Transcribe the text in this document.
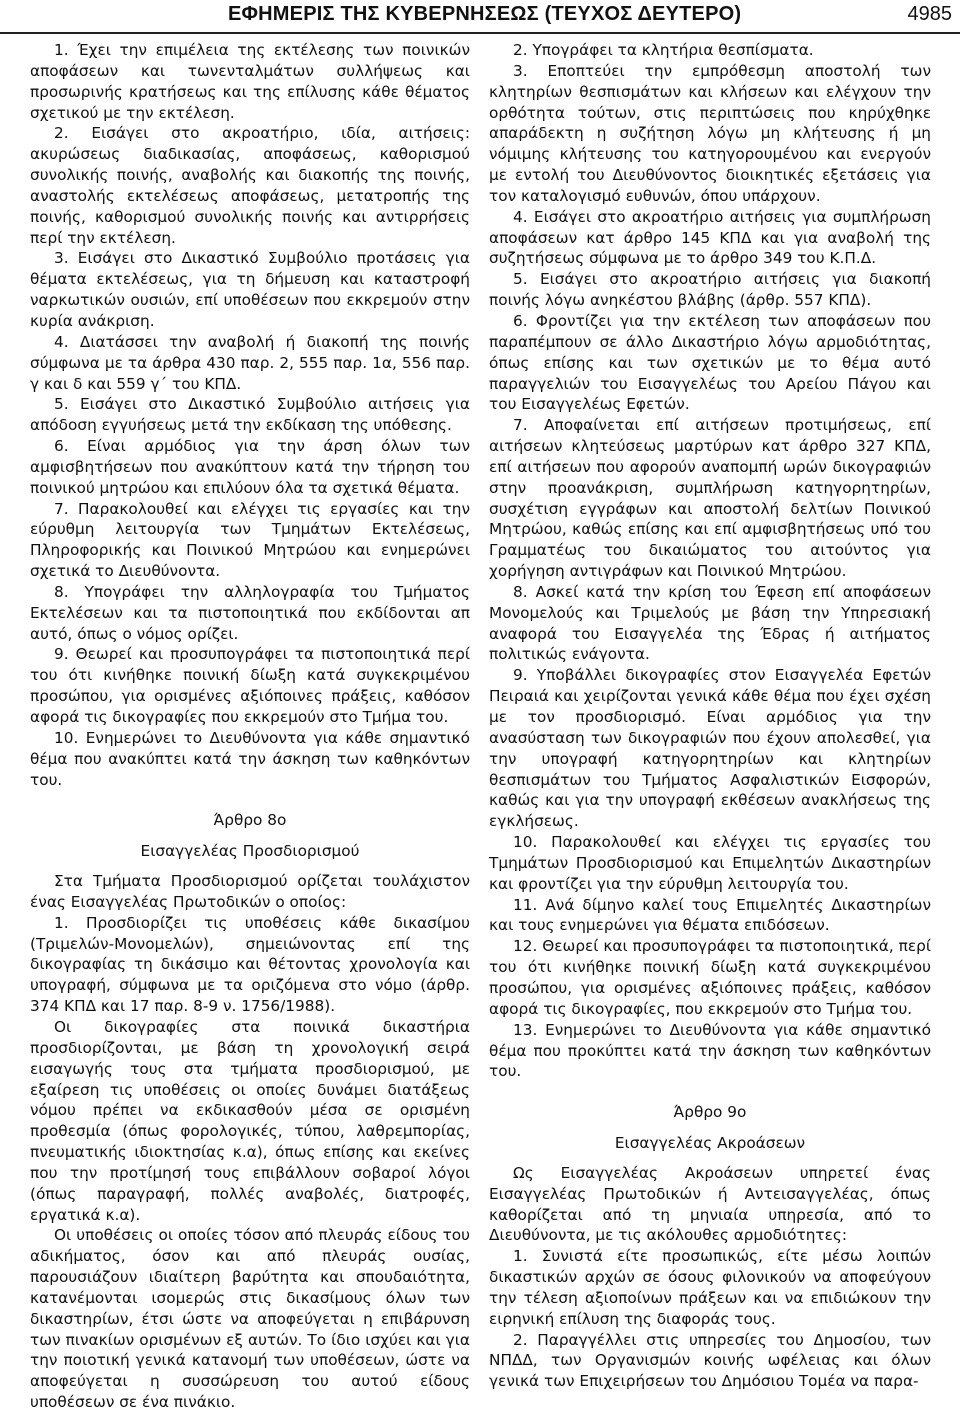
ΕΦΗΜΕΡΙΣ ΤΗΣ ΚΥΒΕΡΝΗΣΕΩΣ (ΤΕΥΧΟΣ ΔΕΥΤΕΡΟ)	4985

1. Έχει την επιμέλεια της εκτέλεσης των ποινικών αποφάσεων και τωνενταλμάτων συλλήψεως και προσωρινής κρατήσεως και της επίλυσης κάθε θέματος σχετικού με την εκτέλεση.

2. Εισάγει στο ακροατήριο, ιδία, αιτήσεις: ακυρώσεως διαδικασίας, αποφάσεως, καθορισμού συνολικής ποινής, αναβολής και διακοπής της ποινής, αναστολής εκτελέσεως αποφάσεως, μετατροπής της ποινής, καθορισμού συνολικής ποινής και αντιρρήσεις περί την εκτέλεση.

3. Εισάγει στο Δικαστικό Συμβούλιο προτάσεις για θέματα εκτελέσεως, για τη δήμευση και καταστροφή ναρκωτικών ουσιών, επί υποθέσεων που εκκρεμούν στην κυρία ανάκριση.

4. Διατάσσει την αναβολή ή διακοπή της ποινής σύμφωνα με τα άρθρα 430 παρ. 2, 555 παρ. 1α, 556 παρ. γ και δ και 559 γ΄ του ΚΠΔ.

5. Εισάγει στο Δικαστικό Συμβούλιο αιτήσεις για απόδοση εγγυήσεως μετά την εκδίκαση της υπόθεσης.

6. Είναι αρμόδιος για την άρση όλων των αμφισβητήσεων που ανακύπτουν κατά την τήρηση του ποινικού μητρώου και επιλύουν όλα τα σχετικά θέματα.

7. Παρακολουθεί και ελέγχει τις εργασίες και την εύρυθμη λειτουργία των Τμημάτων Εκτελέσεως, Πληροφορικής και Ποινικού Μητρώου και ενημερώνει σχετικά το Διευθύνοντα.

8. Υπογράφει την αλληλογραφία του Τμήματος Εκτελέσεων και τα πιστοποιητικά που εκδίδονται απ αυτό, όπως ο νόμος ορίζει.

9. Θεωρεί και προσυπογράφει τα πιστοποιητικά περί του ότι κινήθηκε ποινική δίωξη κατά συγκεκριμένου προσώπου, για ορισμένες αξιόποινες πράξεις, καθόσον αφορά τις δικογραφίες που εκκρεμούν στο Τμήμα του.

10. Ενημερώνει το Διευθύνοντα για κάθε σημαντικό θέμα που ανακύπτει κατά την άσκηση των καθηκόντων του.

Άρθρο 8ο

Εισαγγελέας Προσδιορισμού

Στα Τμήματα Προσδιορισμού ορίζεται τουλάχιστον ένας Εισαγγελέας Πρωτοδικών ο οποίος:

1. Προσδιορίζει τις υποθέσεις κάθε δικασίμου (Τριμελών-Μονομελών), σημειώνοντας επί της δικογραφίας τη δικάσιμο και θέτοντας χρονολογία και υπογραφή, σύμφωνα με τα οριζόμενα στο νόμο (άρθρ. 374 ΚΠΔ και 17 παρ. 8-9 ν. 1756/1988).

Οι δικογραφίες στα ποινικά δικαστήρια προσδιορίζονται, με βάση τη χρονολογική σειρά εισαγωγής τους στα τμήματα προσδιορισμού, με εξαίρεση τις υποθέσεις οι οποίες δυνάμει διατάξεως νόμου πρέπει να εκδικασθούν μέσα σε ορισμένη προθεσμία (όπως φορολογικές, τύπου, λαθρεμπορίας, πνευματικής ιδιοκτησίας κ.α), όπως επίσης και εκείνες που την προτίμησή τους επιβάλλουν σοβαροί λόγοι (όπως παραγραφή, πολλές αναβολές, διατροφές, εργατικά κ.α).

Οι υποθέσεις οι οποίες τόσον από πλευράς είδους του αδικήματος, όσον και από πλευράς ουσίας, παρουσιάζουν ιδιαίτερη βαρύτητα και σπουδαιότητα, κατανέμονται ισομερώς στις δικασίμους όλων των δικαστηρίων, έτσι ώστε να αποφεύγεται η επιβάρυνση των πινακίων ορισμένων εξ αυτών. Το ίδιο ισχύει και για την ποιοτική γενικά κατανομή των υποθέσεων, ώστε να αποφεύγεται η συσσώρευση του αυτού είδους υποθέσεων σε ένα πινάκιο.

2. Υπογράφει τα κλητήρια θεσπίσματα.

3. Εποπτεύει την εμπρόθεσμη αποστολή των κλητηρίων θεσπισμάτων και κλήσεων και ελέγχουν την ορθότητα τούτων, στις περιπτώσεις που κηρύχθηκε απαράδεκτη η συζήτηση λόγω μη κλήτευσης ή μη νόμιμης κλήτευσης του κατηγορουμένου και ενεργούν με εντολή του Διευθύνοντος διοικητικές εξετάσεις για τον καταλογισμό ευθυνών, όπου υπάρχουν.

4. Εισάγει στο ακροατήριο αιτήσεις για συμπλήρωση αποφάσεων κατ άρθρο 145 ΚΠΔ και για αναβολή της συζητήσεως σύμφωνα με το άρθρο 349 του Κ.Π.Δ.

5. Εισάγει στο ακροατήριο αιτήσεις για διακοπή ποινής λόγω ανηκέστου βλάβης (άρθρ. 557 ΚΠΔ).

6. Φροντίζει για την εκτέλεση των αποφάσεων που παραπέμπουν σε άλλο Δικαστήριο λόγω αρμοδιότητας, όπως επίσης και των σχετικών με το θέμα αυτό παραγγελιών του Εισαγγελέως του Αρείου Πάγου και του Εισαγγελέως Εφετών.

7. Αποφαίνεται επί αιτήσεων προτιμήσεως, επί αιτήσεων κλητεύσεως μαρτύρων κατ άρθρο 327 ΚΠΔ, επί αιτήσεων που αφορούν αναπομπή ωρών δικογραφιών στην προανάκριση, συμπλήρωση κατηγορητηρίων, συσχέτιση εγγράφων και αποστολή δελτίων Ποινικού Μητρώου, καθώς επίσης και επί αμφισβητήσεως υπό του Γραμματέως του δικαιώματος του αιτούντος για χορήγηση αντιγράφων και Ποινικού Μητρώου.

8. Ασκεί κατά την κρίση του Έφεση επί αποφάσεων Μονομελούς και Τριμελούς με βάση την Υπηρεσιακή αναφορά του Εισαγγελέα της Έδρας ή αιτήματος πολιτικώς ενάγοντα.

9. Υποβάλλει δικογραφίες στον Εισαγγελέα Εφετών Πειραιά και χειρίζονται γενικά κάθε θέμα που έχει σχέση με τον προσδιορισμό. Είναι αρμόδιος για την ανασύσταση των δικογραφιών που έχουν απολεσθεί, για την υπογραφή κατηγορητηρίων και κλητηρίων θεσπισμάτων του Τμήματος Ασφαλιστικών Εισφορών, καθώς και για την υπογραφή εκθέσεων ανακλήσεως της εγκλήσεως.

10. Παρακολουθεί και ελέγχει τις εργασίες του Τμημάτων Προσδιορισμού και Επιμελητών Δικαστηρίων και φροντίζει για την εύρυθμη λειτουργία του.

11. Ανά δίμηνο καλεί τους Επιμελητές Δικαστηρίων και τους ενημερώνει για θέματα επιδόσεων.

12. Θεωρεί και προσυπογράφει τα πιστοποιητικά, περί του ότι κινήθηκε ποινική δίωξη κατά συγκεκριμένου προσώπου, για ορισμένες αξιόποινες πράξεις, καθόσον αφορά τις δικογραφίες, που εκκρεμούν στο Τμήμα του.

13. Ενημερώνει το Διευθύνοντα για κάθε σημαντικό θέμα που προκύπτει κατά την άσκηση των καθηκόντων του.

Άρθρο 9ο

Εισαγγελέας Ακροάσεων

Ως Εισαγγελέας Ακροάσεων υπηρετεί ένας Εισαγγελέας Πρωτοδικών ή Αντεισαγγελέας, όπως καθορίζεται από τη μηνιαία υπηρεσία, από το Διευθύνοντα, με τις ακόλουθες αρμοδιότητες:

1. Συνιστά είτε προσωπικώς, είτε μέσω λοιπών δικαστικών αρχών σε όσους φιλονικούν να αποφεύγουν την τέλεση αξιοποίνων πράξεων και να επιδιώκουν την ειρηνική επίλυση της διαφοράς τους.

2. Παραγγέλλει στις υπηρεσίες του Δημοσίου, των ΝΠΔΔ, των Οργανισμών κοινής ωφέλειας και όλων γενικά των Επιχειρήσεων του Δημόσιου Τομέα να παρα-
